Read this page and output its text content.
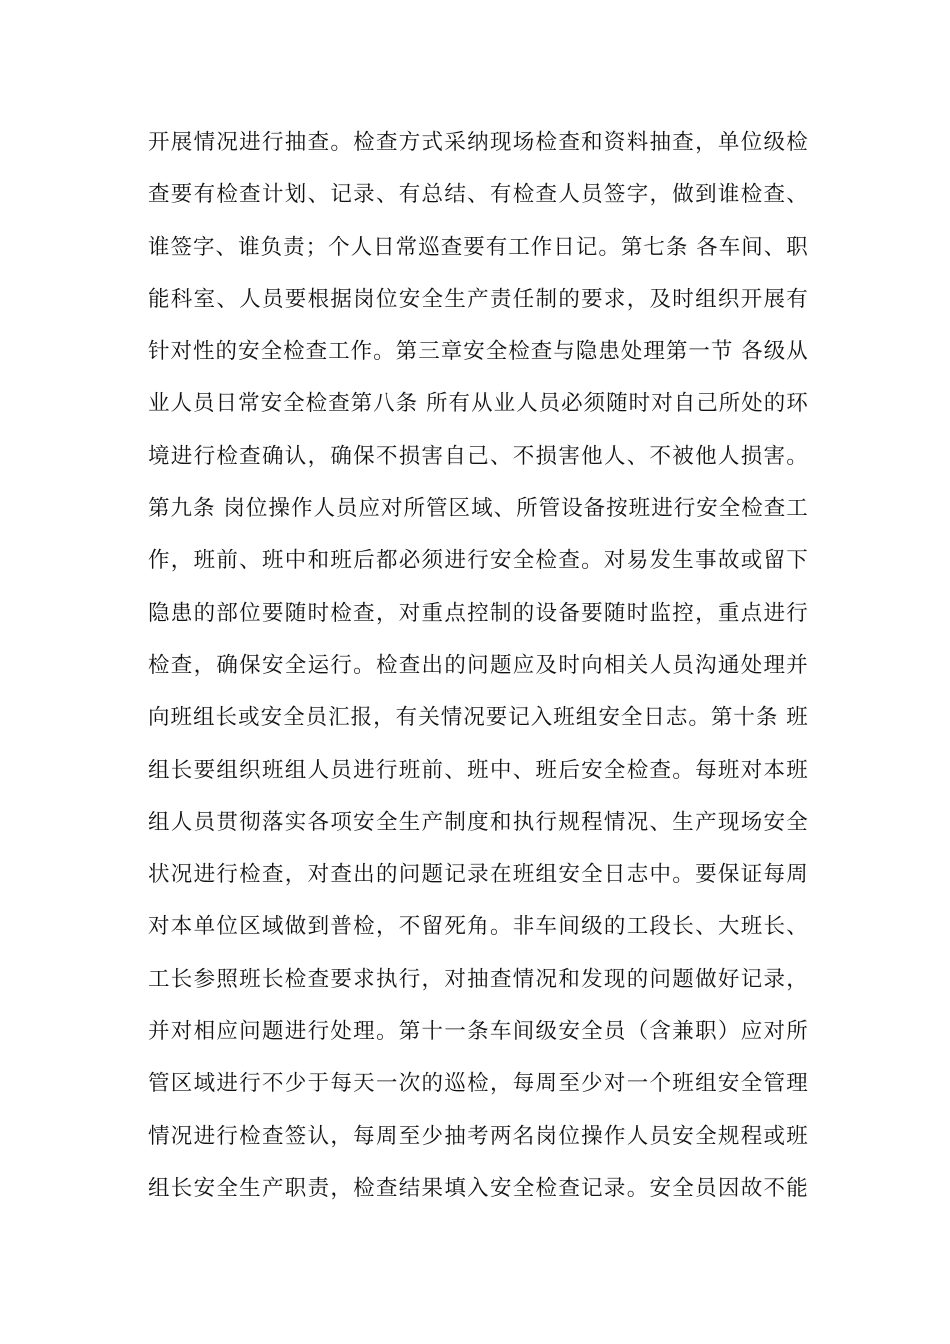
开展情况进行抽查。检查方式采纳现场检查和资料抽查，单位级检
查要有检查计划、记录、有总结、有检查人员签字，做到谁检查、
谁签字、谁负责；个人日常巡查要有工作日记。第七条 各车间、职
能科室、人员要根据岗位安全生产责任制的要求，及时组织开展有
针对性的安全检查工作。第三章安全检查与隐患处理第一节 各级从
业人员日常安全检查第八条 所有从业人员必须随时对自己所处的环
境进行检查确认，确保不损害自己、不损害他人、不被他人损害。
第九条 岗位操作人员应对所管区域、所管设备按班进行安全检查工
作，班前、班中和班后都必须进行安全检查。对易发生事故或留下
隐患的部位要随时检查，对重点控制的设备要随时监控，重点进行
检查，确保安全运行。检查出的问题应及时向相关人员沟通处理并
向班组长或安全员汇报，有关情况要记入班组安全日志。第十条 班
组长要组织班组人员进行班前、班中、班后安全检查。每班对本班
组人员贯彻落实各项安全生产制度和执行规程情况、生产现场安全
状况进行检查，对查出的问题记录在班组安全日志中。要保证每周
对本单位区域做到普检，不留死角。非车间级的工段长、大班长、
工长参照班长检查要求执行，对抽查情况和发现的问题做好记录，
并对相应问题进行处理。第十一条车间级安全员（含兼职）应对所
管区域进行不少于每天一次的巡检，每周至少对一个班组安全管理
情况进行检查签认，每周至少抽考两名岗位操作人员安全规程或班
组长安全生产职责，检查结果填入安全检查记录。安全员因故不能
